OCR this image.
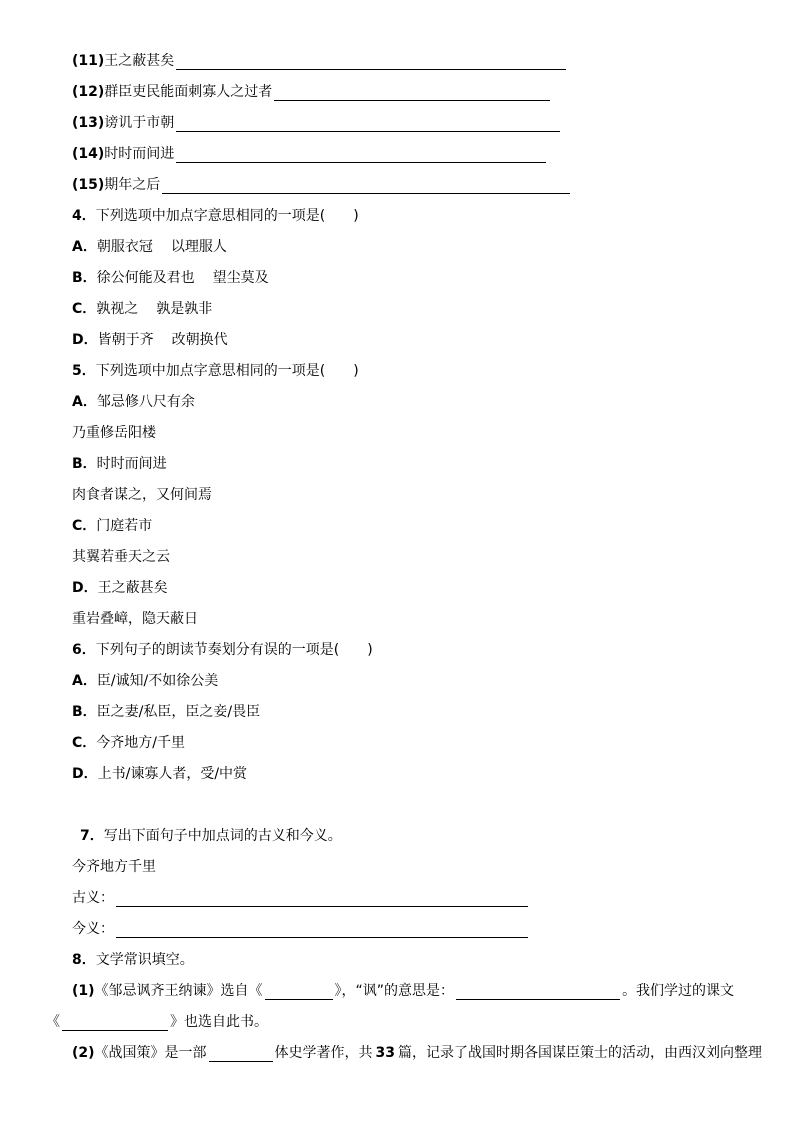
(11) 王之蔽甚矣
(12) 群臣吏民能面刺寡人之过者
(13) 谤讥于市朝
(14) 时时而间进
(15) 期年之后
4． 下列选项中加点字意思相同的一项是(　　)
A． 朝服衣冠 以理服人
B． 徐公何能及君也 望尘莫及
C． 孰视之 孰是孰非
D． 皆朝于齐 改朝换代
5． 下列选项中加点字意思相同的一项是(　　)
A． 邹忌修八尺有余
乃重修岳阳楼
B． 时时而间进
肉食者谋之，又何间焉
C． 门庭若市
其翼若垂天之云
D． 王之蔽甚矣
重岩叠嶂，隐天蔽日
6． 下列句子的朗读节奏划分有误的一项是(　　)
A． 臣/诚知/不如徐公美
B． 臣之妻/私臣，臣之妾/畏臣
C． 今齐地方/千里
D． 上书/谏寡人者，受/中赏
7． 写出下面句子中加点词的古义和今义。
今齐地方千里
古义：
今义：
8． 文学常识填空。
(1) 《邹忌讽齐王纳谏》选自《	》，“讽”的意思是：	。我们学过的课文
《	》也选自此书。
(2) 《战国策》是一部	体史学著作，共 33 篇，记录了战国时期各国谋臣策士的活动，由西汉刘向整理
